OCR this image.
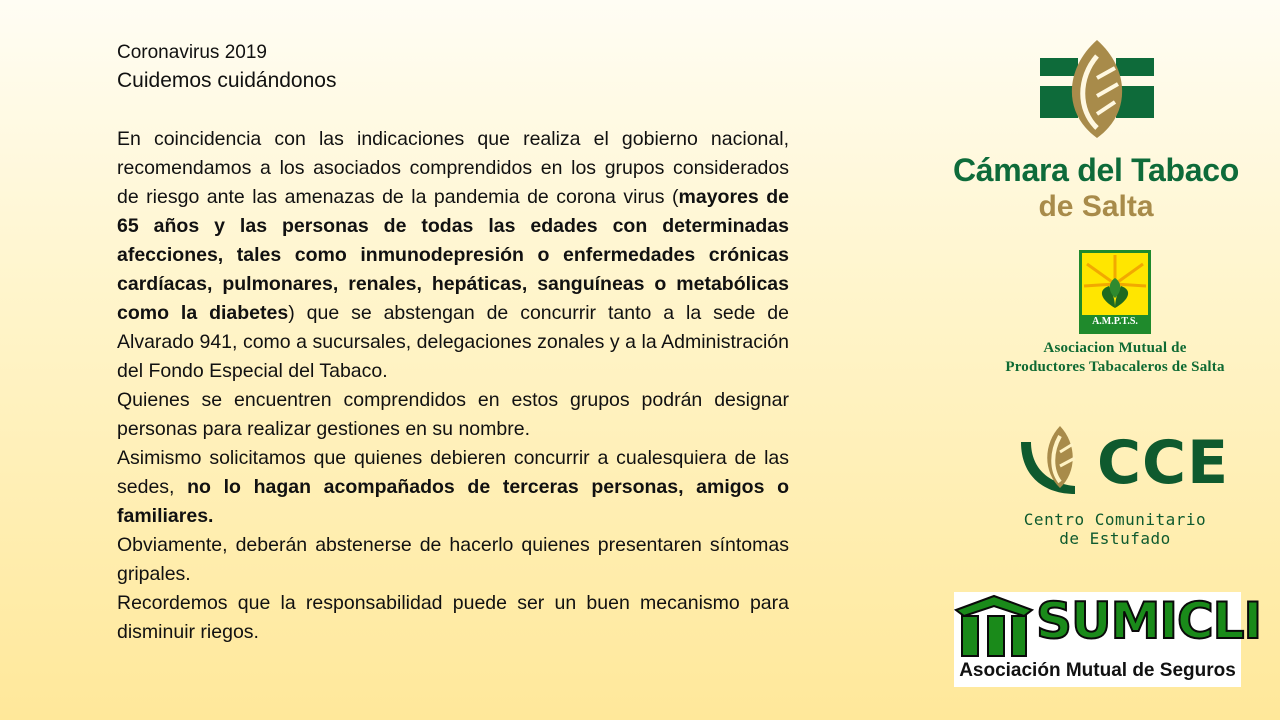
Coronavirus 2019

Cuidemos cuidándonos

En coincidencia con las indicaciones que realiza el gobierno nacional, recomendamos a los asociados comprendidos en los grupos considerados de riesgo ante las amenazas de la pandemia de corona virus (mayores de 65 años y las personas de todas las edades con determinadas afecciones, tales como inmunodepresión o enfermedades crónicas cardíacas, pulmonares, renales, hepáticas, sanguíneas o metabólicas como la diabetes) que se abstengan de concurrir tanto a la sede de Alvarado 941, como a sucursales, delegaciones zonales y a la Administración del Fondo Especial del Tabaco.

Quienes se encuentren comprendidos en estos grupos podrán designar personas para realizar gestiones en su nombre.

Asimismo solicitamos que quienes debieren concurrir a cualesquiera de las sedes, no lo hagan acompañados de terceras personas, amigos o familiares.

Obviamente, deberán abstenerse de hacerlo quienes presentaren síntomas gripales.

Recordemos que la responsabilidad puede ser un buen mecanismo para disminuir riegos.

Cámara del Tabaco
de Salta
A.M.P.T.S.
Asociacion Mutual de
Productores Tabacaleros de Salta
CCE
Centro Comunitario
de Estufado
SUMICLI
Asociación Mutual de Seguros
